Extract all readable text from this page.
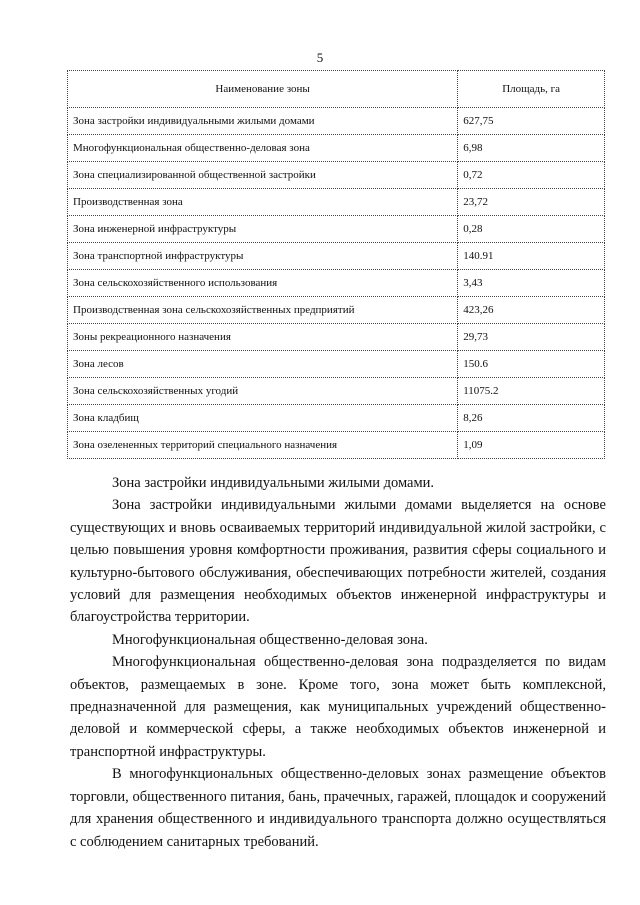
5
Наименование зоны	Площадь, га
Зона застройки индивидуальными жилыми домами	627,75
Многофункциональная общественно-деловая зона	6,98
Зона специализированной общественной застройки	0,72
Производственная зона	23,72
Зона инженерной инфраструктуры	0,28
Зона транспортной инфраструктуры	140.91
Зона сельскохозяйственного использования	3,43
Производственная зона сельскохозяйственных предприятий	423,26
Зоны рекреационного назначения	29,73
Зона лесов	150.6
Зона сельскохозяйственных угодий	11075.2
Зона кладбищ	8,26
Зона озелененных территорий специального назначения	1,09

Зона застройки индивидуальными жилыми домами.

Зона застройки индивидуальными жилыми домами выделяется на основе существующих и вновь осваиваемых территорий индивидуальной жилой застройки, с целью повышения уровня комфортности проживания, развития сферы социального и культурно-бытового обслуживания, обеспечивающих потребности жителей, создания условий для размещения необходимых объектов инженерной инфраструктуры и благоустройства территории.

Многофункциональная общественно-деловая зона.

Многофункциональная общественно-деловая зона подразделяется по видам объектов, размещаемых в зоне. Кроме того, зона может быть комплексной, предназначенной для размещения, как муниципальных учреждений общественно-деловой и коммерческой сферы, а также необходимых объектов инженерной и транспортной инфраструктуры.

В многофункциональных общественно-деловых зонах размещение объектов торговли, общественного питания, бань, прачечных, гаражей, площадок и сооружений для хранения общественного и индивидуального транспорта должно осуществляться с соблюдением санитарных требований.
